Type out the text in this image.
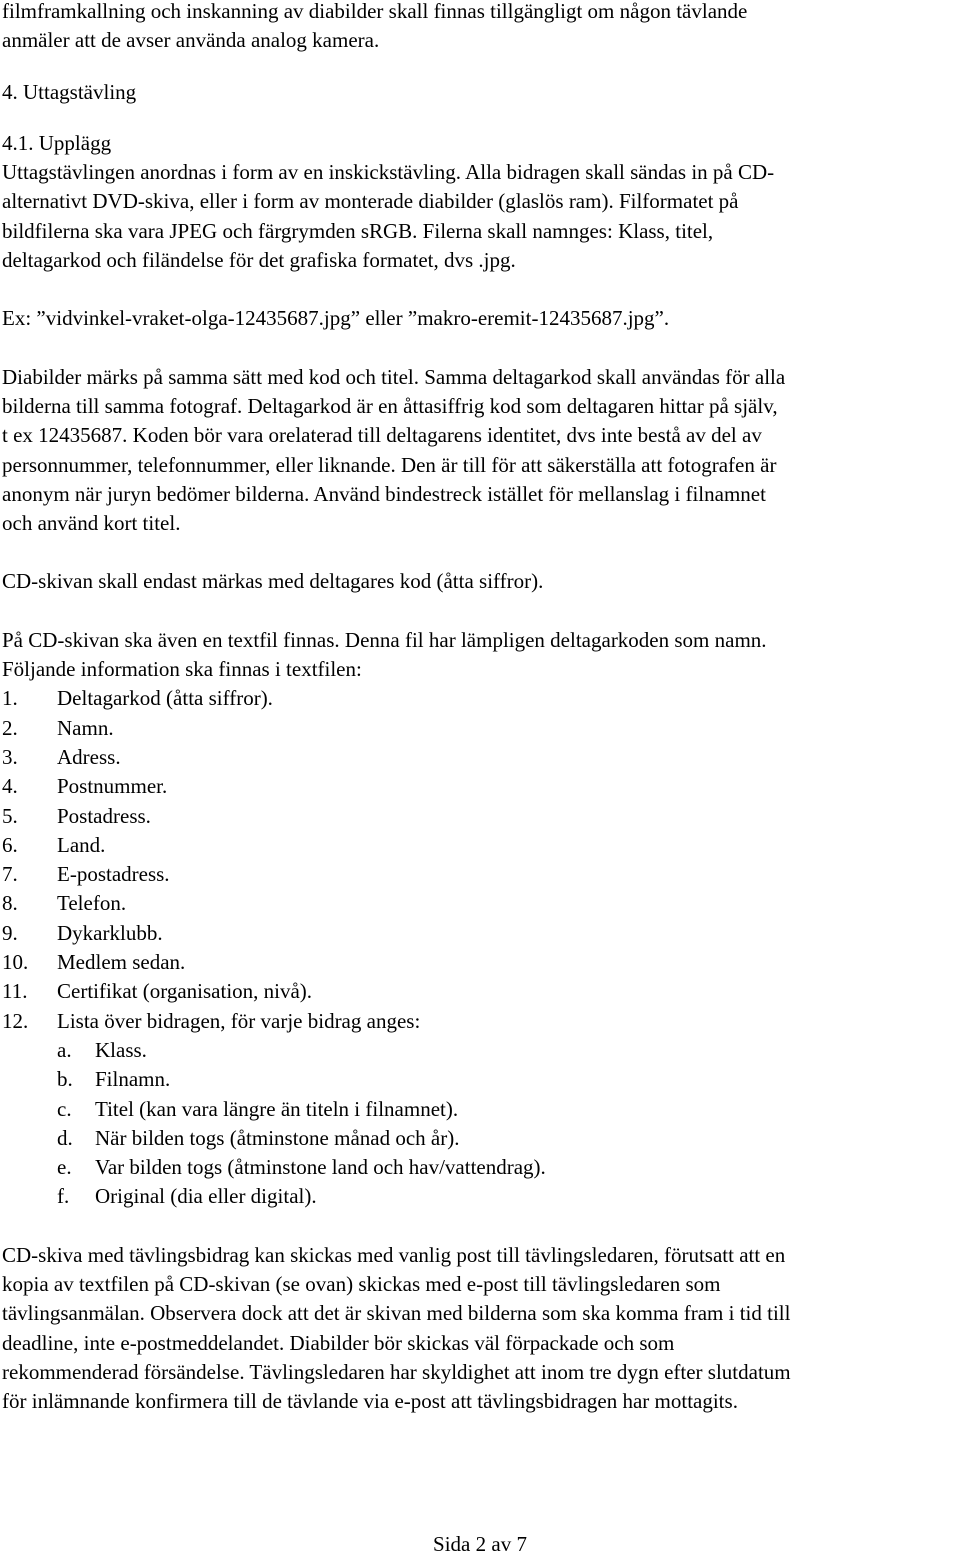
filmframkallning och inskanning av diabilder skall finnas tillgängligt om någon tävlande

anmäler att de avser använda analog kamera.

4. Uttagstävling

4.1. Upplägg

Uttagstävlingen anordnas i form av en inskickstävling. Alla bidragen skall sändas in på CD-

alternativt DVD-skiva, eller i form av monterade diabilder (glaslös ram). Filformatet på

bildfilerna ska vara JPEG och färgrymden sRGB. Filerna skall namnges: Klass, titel,

deltagarkod och filändelse för det grafiska formatet, dvs .jpg.

Ex: ”vidvinkel-vraket-olga-12435687.jpg” eller ”makro-eremit-12435687.jpg”.

Diabilder märks på samma sätt med kod och titel. Samma deltagarkod skall användas för alla

bilderna till samma fotograf. Deltagarkod är en åttasiffrig kod som deltagaren hittar på själv,

t ex 12435687. Koden bör vara orelaterad till deltagarens identitet, dvs inte bestå av del av

personnummer, telefonnummer, eller liknande. Den är till för att säkerställa att fotografen är

anonym när juryn bedömer bilderna. Använd bindestreck istället för mellanslag i filnamnet

och använd kort titel.

CD-skivan skall endast märkas med deltagares kod (åtta siffror).

På CD-skivan ska även en textfil finnas. Denna fil har lämpligen deltagarkoden som namn.

Följande information ska finnas i textfilen:

1.	Deltagarkod (åtta siffror).
2.	Namn.
3.	Adress.
4.	Postnummer.
5.	Postadress.
6.	Land.
7.	E-postadress.
8.	Telefon.
9.	Dykarklubb.
10.	Medlem sedan.
11.	Certifikat (organisation, nivå).
12.	Lista över bidragen, för varje bidrag anges:
a.	Klass.
b.	Filnamn.
c.	Titel (kan vara längre än titeln i filnamnet).
d.	När bilden togs (åtminstone månad och år).
e.	Var bilden togs (åtminstone land och hav/vattendrag).
f.	Original (dia eller digital).

CD-skiva med tävlingsbidrag kan skickas med vanlig post till tävlingsledaren, förutsatt att en

kopia av textfilen på CD-skivan (se ovan) skickas med e-post till tävlingsledaren som

tävlingsanmälan. Observera dock att det är skivan med bilderna som ska komma fram i tid till

deadline, inte e-postmeddelandet. Diabilder bör skickas väl förpackade och som

rekommenderad försändelse. Tävlingsledaren har skyldighet att inom tre dygn efter slutdatum

för inlämnande konfirmera till de tävlande via e-post att tävlingsbidragen har mottagits.

Sida 2 av 7
